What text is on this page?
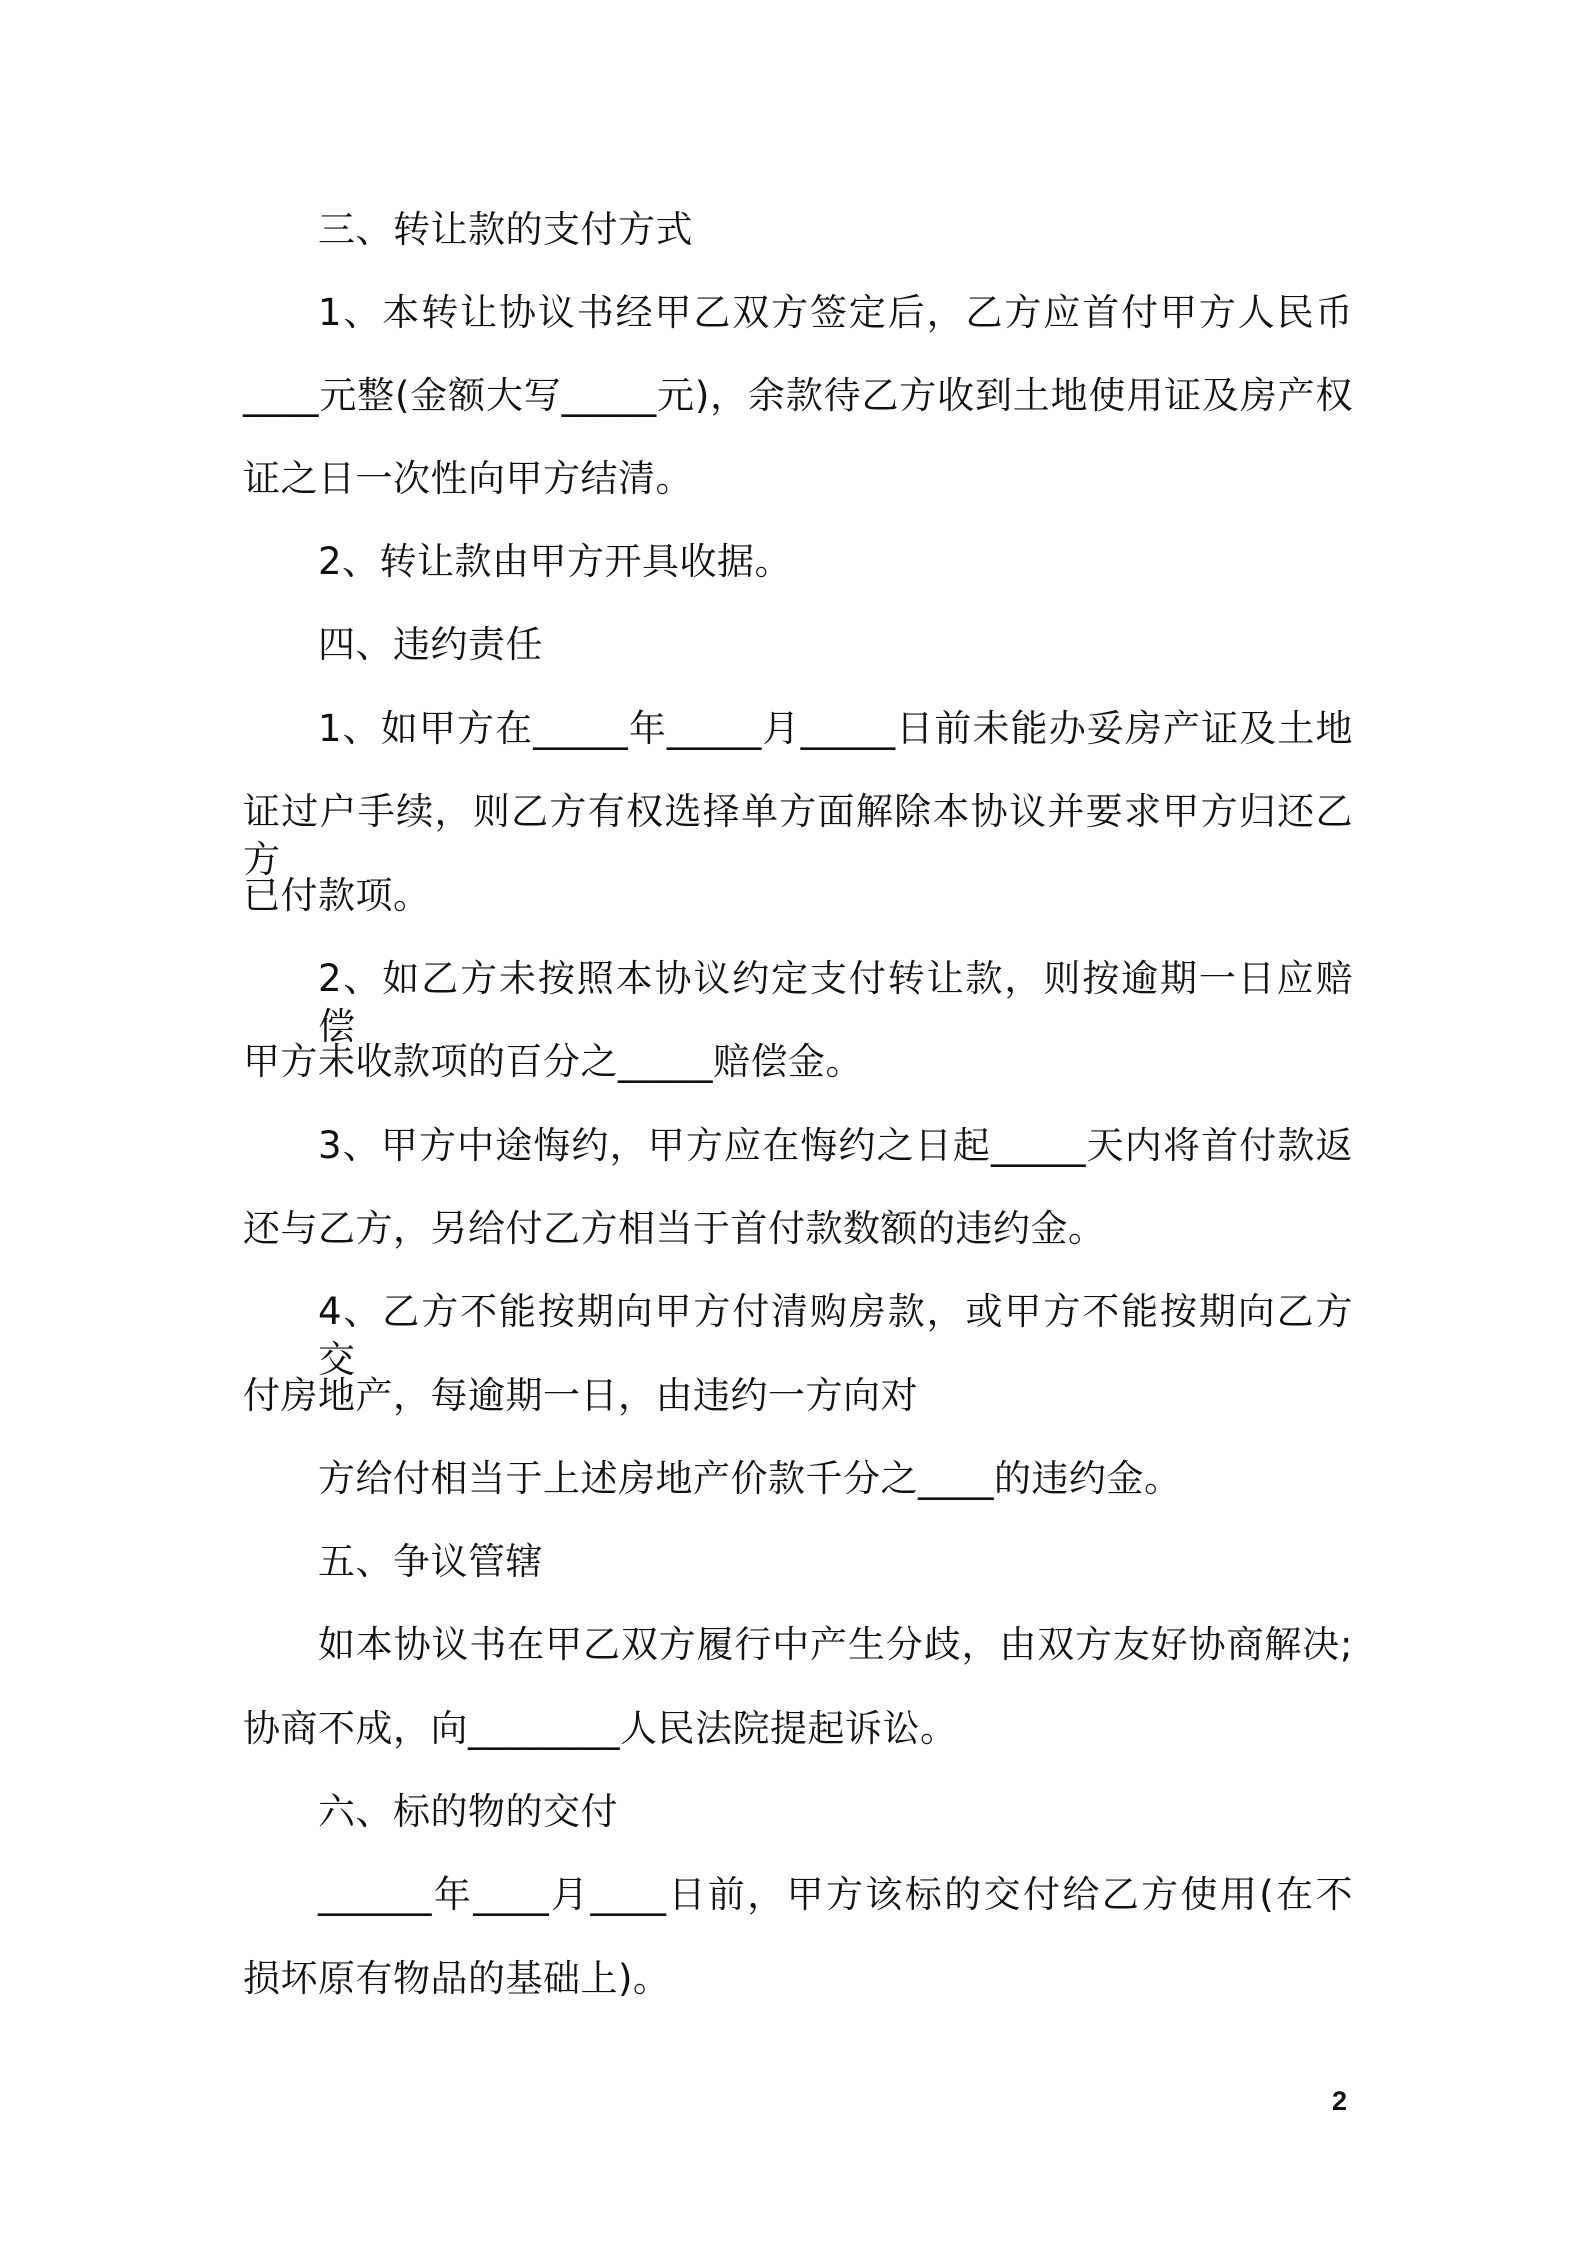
三、转让款的支付方式
1、本转让协议书经甲乙双方签定后，乙方应首付甲方人民币
____元整(金额大写_____元)，余款待乙方收到土地使用证及房产权
证之日一次性向甲方结清。
2、转让款由甲方开具收据。
四、违约责任
1、如甲方在_____年_____月_____日前未能办妥房产证及土地
证过户手续，则乙方有权选择单方面解除本协议并要求甲方归还乙方
已付款项。
2、如乙方未按照本协议约定支付转让款，则按逾期一日应赔偿
甲方未收款项的百分之_____赔偿金。
3、甲方中途悔约，甲方应在悔约之日起_____天内将首付款返
还与乙方，另给付乙方相当于首付款数额的违约金。
4、乙方不能按期向甲方付清购房款，或甲方不能按期向乙方交
付房地产，每逾期一日，由违约一方向对
方给付相当于上述房地产价款千分之____的违约金。
五、争议管辖
如本协议书在甲乙双方履行中产生分歧，由双方友好协商解决;
协商不成，向________人民法院提起诉讼。
六、标的物的交付
______年____月____日前，甲方该标的交付给乙方使用(在不
损坏原有物品的基础上)。
2
